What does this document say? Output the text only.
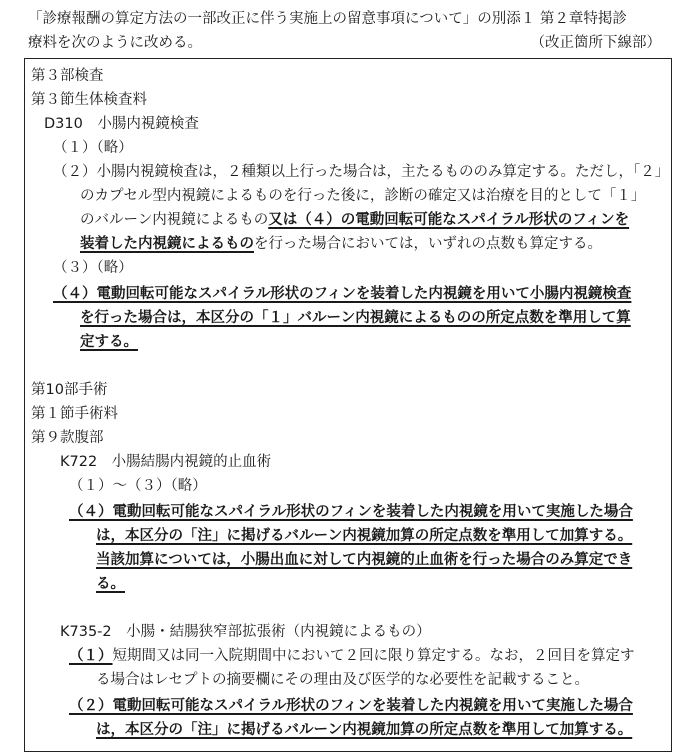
「診療報酬の算定方法の一部改正に伴う実施上の留意事項について」の別添１ 第２章特掲診
療料を次のように改める。	（改正箇所下線部）
第３部検査
第３節生体検査料
D310　小腸内視鏡検査
（１）（略）
（２）小腸内視鏡検査は，２種類以上行った場合は，主たるもののみ算定する。ただし，「２」
のカプセル型内視鏡によるものを行った後に，診断の確定又は治療を目的として「１」
のバルーン内視鏡によるもの又は（４）の電動回転可能なスパイラル形状のフィンを
装着した内視鏡によるものを行った場合においては，いずれの点数も算定する。
（３）（略）
（４）電動回転可能なスパイラル形状のフィンを装着した内視鏡を用いて小腸内視鏡検査
を行った場合は，本区分の「１」バルーン内視鏡によるものの所定点数を準用して算
定する。
第10部手術
第１節手術料
第９款腹部
K722　小腸結腸内視鏡的止血術
（１）～（３）（略）
（４）電動回転可能なスパイラル形状のフィンを装着した内視鏡を用いて実施した場合
は，本区分の「注」に掲げるバルーン内視鏡加算の所定点数を準用して加算する。
当該加算については，小腸出血に対して内視鏡的止血術を行った場合のみ算定でき
る。
K735-2　小腸・結腸狭窄部拡張術（内視鏡によるもの）
（１）短期間又は同一入院期間中において２回に限り算定する。なお，２回目を算定す
る場合はレセプトの摘要欄にその理由及び医学的な必要性を記載すること。
（２）電動回転可能なスパイラル形状のフィンを装着した内視鏡を用いて実施した場合
は，本区分の「注」に掲げるバルーン内視鏡加算の所定点数を準用して加算する。
